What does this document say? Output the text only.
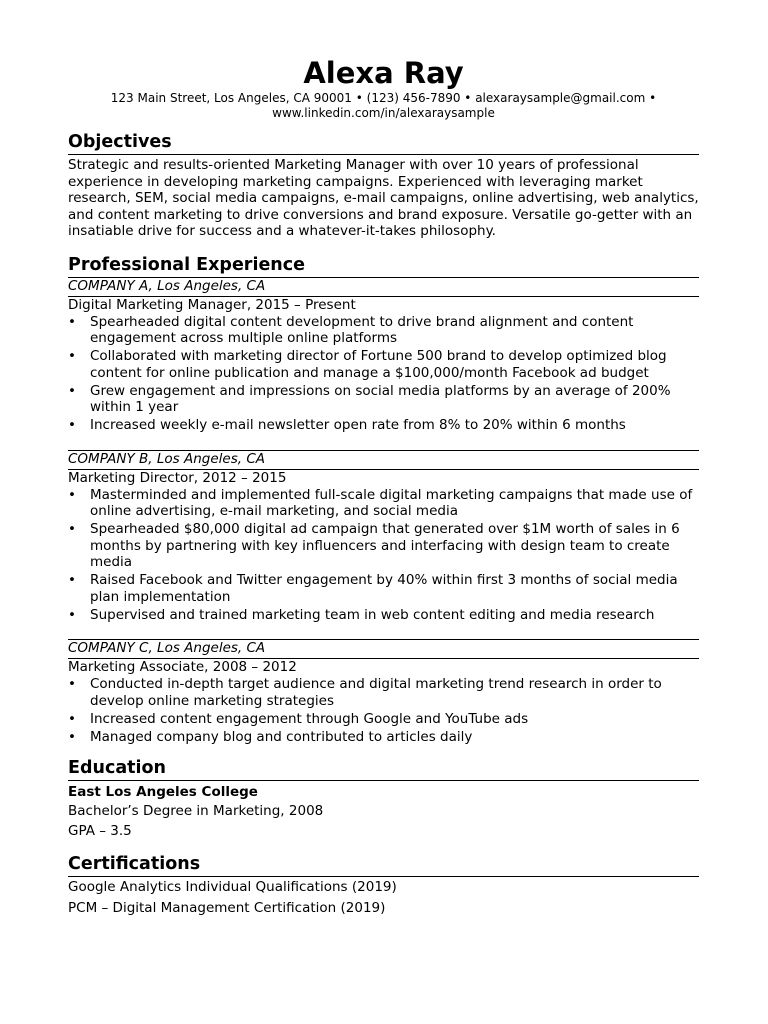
Alexa Ray
123 Main Street, Los Angeles, CA 90001 • (123) 456-7890 • alexaraysample@gmail.com •
www.linkedin.com/in/alexaraysample
Objectives
Strategic and results-oriented Marketing Manager with over 10 years of professional experience in developing marketing campaigns. Experienced with leveraging market research, SEM, social media campaigns, e-mail campaigns, online advertising, web analytics, and content marketing to drive conversions and brand exposure. Versatile go-getter with an insatiable drive for success and a whatever-it-takes philosophy.
Professional Experience
COMPANY A, Los Angeles, CA
Digital Marketing Manager, 2015 – Present
• Spearheaded digital content development to drive brand alignment and content engagement across multiple online platforms
• Collaborated with marketing director of Fortune 500 brand to develop optimized blog content for online publication and manage a $100,000/month Facebook ad budget
• Grew engagement and impressions on social media platforms by an average of 200% within 1 year
• Increased weekly e-mail newsletter open rate from 8% to 20% within 6 months
COMPANY B, Los Angeles, CA
Marketing Director, 2012 – 2015
• Masterminded and implemented full-scale digital marketing campaigns that made use of online advertising, e-mail marketing, and social media
• Spearheaded $80,000 digital ad campaign that generated over $1M worth of sales in 6 months by partnering with key influencers and interfacing with design team to create media
• Raised Facebook and Twitter engagement by 40% within first 3 months of social media plan implementation
• Supervised and trained marketing team in web content editing and media research
COMPANY C, Los Angeles, CA
Marketing Associate, 2008 – 2012
• Conducted in-depth target audience and digital marketing trend research in order to develop online marketing strategies
• Increased content engagement through Google and YouTube ads
• Managed company blog and contributed to articles daily
Education
East Los Angeles College
Bachelor’s Degree in Marketing, 2008
GPA – 3.5
Certifications
Google Analytics Individual Qualifications (2019)
PCM – Digital Management Certification (2019)
